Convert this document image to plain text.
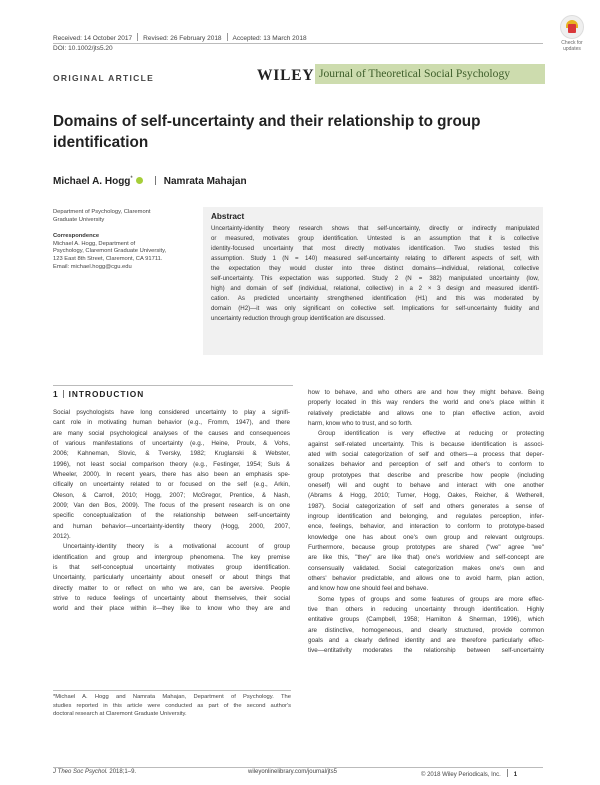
Received: 14 October 2017 Revised: 26 February 2018 Accepted: 13 March 2018
DOI: 10.1002/jts5.20
Check for
updates
ORIGINAL ARTICLE	WILEY Journal of Theoretical Social Psychology
Domains of self-uncertainty and their relationship to group identification
Michael A. Hogg*	Namrata Mahajan
Department of Psychology, Claremont
Graduate University
Correspondence
Michael A. Hogg, Department of
Psychology, Claremont Graduate University,
123 East 8th Street, Claremont, CA 91711.
Email: michael.hogg@cgu.edu
Abstract
Uncertainty-identity theory research shows that self-uncertainty, directly or indirectly manipulated
or measured, motivates group identification. Untested is an assumption that it is collective
identity-focused uncertainty that most directly motivates identification. Two studies tested this
assumption. Study 1 (N = 140) measured self-uncertainty relating to different aspects of self, with
the expectation they would cluster into three distinct domains—individual, relational, collective
self-uncertainty. This expectation was supported. Study 2 (N = 382) manipulated uncertainty (low,
high) and domain of self (individual, relational, collective) in a 2 × 3 design and measured identifi-
cation. As predicted uncertainty strengthened identification (H1) and this was moderated by
domain (H2)—it was only significant on collective self. Implications for self-uncertainty fluidity and
uncertainty reduction through group identification are discussed.
1 INTRODUCTION
Social psychologists have long considered uncertainty to play a signifi-
cant role in motivating human behavior (e.g., Fromm, 1947), and there
are many social psychological analyses of the causes and consequences
of various manifestations of uncertainty (e.g., Heine, Proulx, & Vohs,
2006; Kahneman, Slovic, & Tversky, 1982; Kruglanski & Webster,
1996), not least social comparison theory (e.g., Festinger, 1954; Suls &
Wheeler, 2000). In recent years, there has also been an emphasis spe-
cifically on uncertainty related to or focused on the self (e.g., Arkin,
Oleson, & Carroll, 2010; Hogg, 2007; McGregor, Prentice, & Nash,
2009; Van den Bos, 2009). The focus of the present research is on one
specific conceptualization of the relationship between self-uncertainty
and human behavior—uncertainty-identity theory (Hogg, 2000, 2007,
2012).
Uncertainty-identity theory is a motivational account of group
identification and group and intergroup phenomena. The key premise
is that self-conceptual uncertainty motivates group identification.
Uncertainty, particularly uncertainty about oneself or about things that
directly matter to or reflect on who we are, can be aversive. People
strive to reduce feelings of uncertainty about themselves, their social
world and their place within it—they like to know who they are and
how to behave, and who others are and how they might behave. Being
properly located in this way renders the world and one's place within it
relatively predictable and allows one to plan effective action, avoid
harm, know who to trust, and so forth.
Group identification is very effective at reducing or protecting
against self-related uncertainty. This is because identification is associ-
ated with social categorization of self and others—a process that deper-
sonalizes behavior and perception of self and other's to conform to
group prototypes that describe and prescribe how people (including
oneself) will and ought to behave and interact with one another
(Abrams & Hogg, 2010; Turner, Hogg, Oakes, Reicher, & Wetherell,
1987). Social categorization of self and others generates a sense of
ingroup identification and belonging, and regulates perception, infer-
ence, feelings, behavior, and interaction to conform to prototype-based
knowledge one has about one's own group and relevant outgroups.
Furthermore, because group prototypes are shared ("we" agree "we"
are like this, "they" are like that) one's worldview and self-concept are
consensually validated. Social categorization makes one's own and
others' behavior predictable, and allows one to avoid harm, plan action,
and know how one should feel and behave.
Some types of groups and some features of groups are more effec-
tive than others in reducing uncertainty through identification. Highly
entitative groups (Campbell, 1958; Hamilton & Sherman, 1996), which
are distinctive, homogeneous, and clearly structured, provide common
goals and a clearly defined identity and are therefore particularly effec-
tive—entitativity moderates the relationship between self-uncertainty
*Michael A. Hogg and Namrata Mahajan, Department of Psychology. The
studies reported in this article were conducted as part of the second author's
doctoral research at Claremont Graduate University.
J Theo Soc Psychol. 2018;1–9.	wileyonlinelibrary.com/journal/jts5	© 2018 Wiley Periodicals, Inc. 1
